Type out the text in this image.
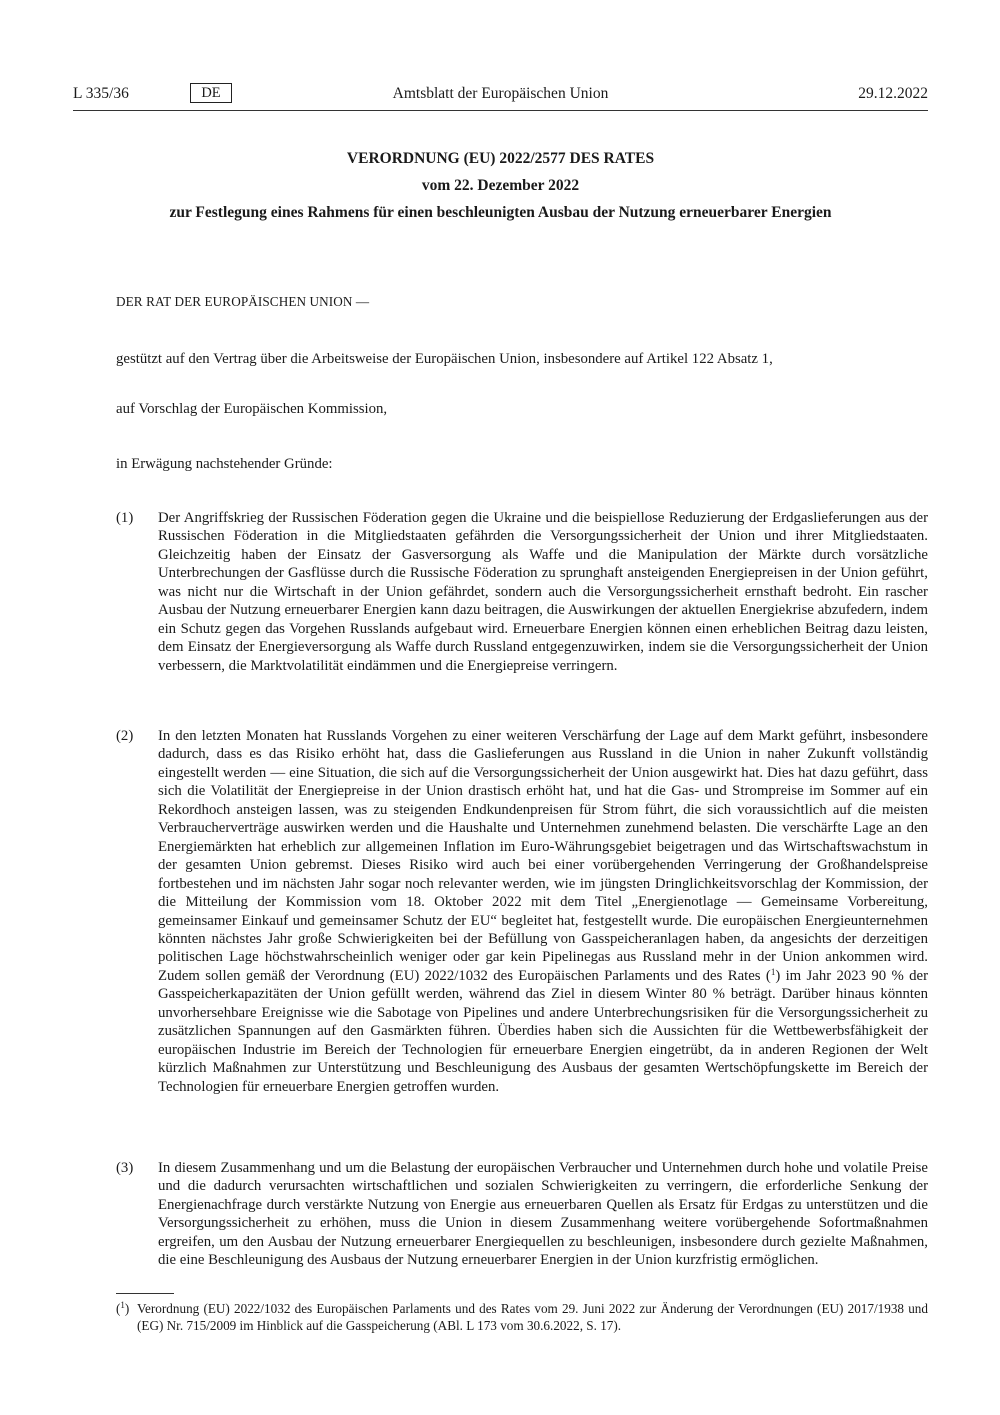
L 335/36	Amtsblatt der Europäischen Union
DE	29.12.2022
VERORDNUNG (EU) 2022/2577 DES RATES
vom 22. Dezember 2022
zur Festlegung eines Rahmens für einen beschleunigten Ausbau der Nutzung erneuerbarer Energien
DER RAT DER EUROPÄISCHEN UNION —
gestützt auf den Vertrag über die Arbeitsweise der Europäischen Union, insbesondere auf Artikel 122 Absatz 1,
auf Vorschlag der Europäischen Kommission,
in Erwägung nachstehender Gründe:
(1) Der Angriffskrieg der Russischen Föderation gegen die Ukraine und die beispiellose Reduzierung der Erdgaslieferungen aus der Russischen Föderation in die Mitgliedstaaten gefährden die Versorgungssicherheit der Union und ihrer Mitgliedstaaten. Gleichzeitig haben der Einsatz der Gasversorgung als Waffe und die Manipulation der Märkte durch vorsätzliche Unterbrechungen der Gasflüsse durch die Russische Föderation zu sprunghaft ansteigenden Energiepreisen in der Union geführt, was nicht nur die Wirtschaft in der Union gefährdet, sondern auch die Versorgungssicherheit ernsthaft bedroht. Ein rascher Ausbau der Nutzung erneuerbarer Energien kann dazu beitragen, die Auswirkungen der aktuellen Energiekrise abzufedern, indem ein Schutz gegen das Vorgehen Russlands aufgebaut wird. Erneuerbare Energien können einen erheblichen Beitrag dazu leisten, dem Einsatz der Energieversorgung als Waffe durch Russland entgegenzuwirken, indem sie die Versorgungssicherheit der Union verbessern, die Marktvolatilität eindämmen und die Energiepreise verringern.
(2) In den letzten Monaten hat Russlands Vorgehen zu einer weiteren Verschärfung der Lage auf dem Markt geführt, insbesondere dadurch, dass es das Risiko erhöht hat, dass die Gaslieferungen aus Russland in die Union in naher Zukunft vollständig eingestellt werden — eine Situation, die sich auf die Versorgungssicherheit der Union ausgewirkt hat. Dies hat dazu geführt, dass sich die Volatilität der Energiepreise in der Union drastisch erhöht hat, und hat die Gas- und Strompreise im Sommer auf ein Rekordhoch ansteigen lassen, was zu steigenden Endkundenpreisen für Strom führt, die sich voraussichtlich auf die meisten Verbraucherverträge auswirken werden und die Haushalte und Unternehmen zunehmend belasten. Die verschärfte Lage an den Energiemärkten hat erheblich zur allgemeinen Inflation im Euro-Währungsgebiet beigetragen und das Wirtschaftswachstum in der gesamten Union gebremst. Dieses Risiko wird auch bei einer vorübergehenden Verringerung der Großhandelspreise fortbestehen und im nächsten Jahr sogar noch relevanter werden, wie im jüngsten Dringlichkeitsvorschlag der Kommission, der die Mitteilung der Kommission vom 18. Oktober 2022 mit dem Titel „Energienotlage — Gemeinsame Vorbereitung, gemeinsamer Einkauf und gemeinsamer Schutz der EU“ begleitet hat, festgestellt wurde. Die europäischen Energieunternehmen könnten nächstes Jahr große Schwierigkeiten bei der Befüllung von Gasspeicheranlagen haben, da angesichts der derzeitigen politischen Lage höchstwahrscheinlich weniger oder gar kein Pipelinegas aus Russland mehr in der Union ankommen wird. Zudem sollen gemäß der Verordnung (EU) 2022/1032 des Europäischen Parlaments und des Rates ($^1$) im Jahr 2023 90 % der Gasspeicherkapazitäten der Union gefüllt werden, während das Ziel in diesem Winter 80 % beträgt. Darüber hinaus könnten unvorhersehbare Ereignisse wie die Sabotage von Pipelines und andere Unterbrechungsrisiken für die Versorgungssicherheit zu zusätzlichen Spannungen auf den Gasmärkten führen. Überdies haben sich die Aussichten für die Wettbewerbsfähigkeit der europäischen Industrie im Bereich der Technologien für erneuerbare Energien eingetrübt, da in anderen Regionen der Welt kürzlich Maßnahmen zur Unterstützung und Beschleunigung des Ausbaus der gesamten Wertschöpfungskette im Bereich der Technologien für erneuerbare Energien getroffen wurden.
(3) In diesem Zusammenhang und um die Belastung der europäischen Verbraucher und Unternehmen durch hohe und volatile Preise und die dadurch verursachten wirtschaftlichen und sozialen Schwierigkeiten zu verringern, die erforderliche Senkung der Energienachfrage durch verstärkte Nutzung von Energie aus erneuerbaren Quellen als Ersatz für Erdgas zu unterstützen und die Versorgungssicherheit zu erhöhen, muss die Union in diesem Zusammenhang weitere vorübergehende Sofortmaßnahmen ergreifen, um den Ausbau der Nutzung erneuerbarer Energiequellen zu beschleunigen, insbesondere durch gezielte Maßnahmen, die eine Beschleunigung des Ausbaus der Nutzung erneuerbarer Energien in der Union kurzfristig ermöglichen.
($^1$) Verordnung (EU) 2022/1032 des Europäischen Parlaments und des Rates vom 29. Juni 2022 zur Änderung der Verordnungen (EU) 2017/1938 und (EG) Nr. 715/2009 im Hinblick auf die Gasspeicherung (ABl. L 173 vom 30.6.2022, S. 17).
